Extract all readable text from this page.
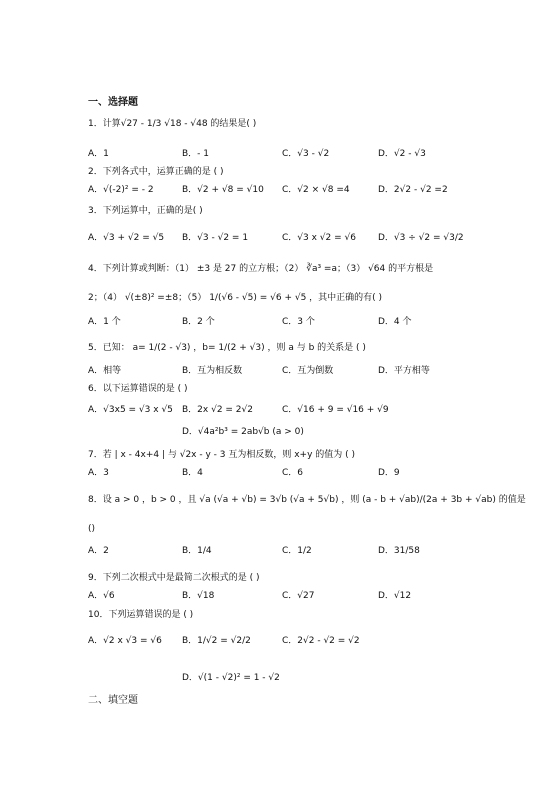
一、选择题
1．计算√27 - 1/3 √18 - √48 的结果是( )
A．1	B．- 1	C．√3 - √2	D．√2 - √3
2．下列各式中，运算正确的是 ( )
A．√(-2)² = - 2	B．√2 + √8 = √10 C．√2 × √8 =4	D．2√2 - √2 =2
3．下列运算中，正确的是( )
A．√3 + √2 = √5 B．√3 - √2 = 1	C．√3 x √2 = √6 D．√3 ÷ √2 = √3/2
4．下列计算或判断：（1） ±3 是 27 的立方根；（2） ∛a³ =a；（3） √64 的平方根是
2；（4） √(±8)² =±8；（5） 1/(√6 - √5) = √6 + √5 ，其中正确的有( )
A．1 个	B．2 个	C．3 个	D．4 个
5．已知： a= 1/(2 - √3) ，b= 1/(2 + √3) ，则 a 与 b 的关系是 ( )
A．相等	B．互为相反数	C．互为倒数	D．平方相等
6．以下运算错误的是 ( )
A．√3x5 = √3 x √5 B．2x √2 = 2√2	C．√16 + 9 = √16 + √9
D．√4a²b³ = 2ab√b (a > 0)
7．若 | x - 4x+4 | 与 √2x - y - 3 互为相反数，则 x+y 的值为 ( )
A．3	B．4	C．6	D．9
8．设 a > 0 ，b > 0 ，且 √a (√a + √b) = 3√b (√a + 5√b) ，则 (a - b + √ab)/(2a + 3b + √ab) 的值是
()
A．2	B．1/4	C．1/2	D．31/58
9．下列二次根式中是最简二次根式的是 ( )
A．√6	B．√18	C．√27	D．√12
10．下列运算错误的是 ( )
A．√2 x √3 = √6 B．1/√2 = √2/2	C．2√2 - √2 = √2
D．√(1 - √2)² = 1 - √2
二、填空题
